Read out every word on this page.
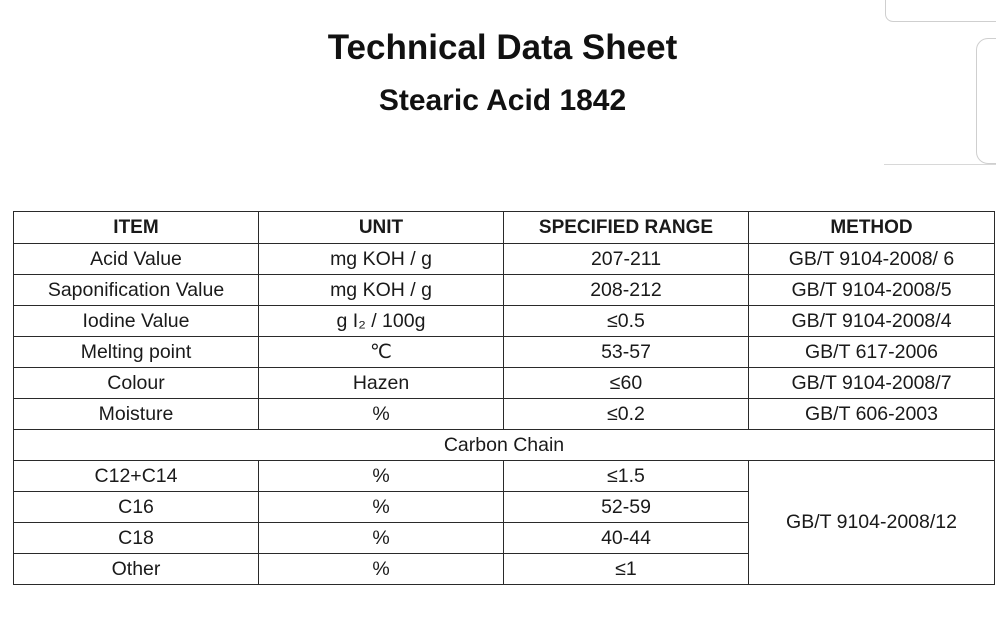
Technical Data Sheet
Stearic Acid 1842
ITEM	UNIT	SPECIFIED RANGE	METHOD
Acid Value	mg KOH / g	207-211	GB/T 9104-2008/ 6
Saponification Value	mg KOH / g	208-212	GB/T 9104-2008/5
Iodine Value	g I₂ / 100g	≤0.5	GB/T 9104-2008/4
Melting point	℃	53-57	GB/T 617-2006
Colour	Hazen	≤60	GB/T 9104-2008/7
Moisture	%	≤0.2	GB/T 606-2003
Carbon Chain			
C12+C14	%	≤1.5	GB/T 9104-2008/12
C16	%	52-59	
C18	%	40-44	
Other	%	≤1	
